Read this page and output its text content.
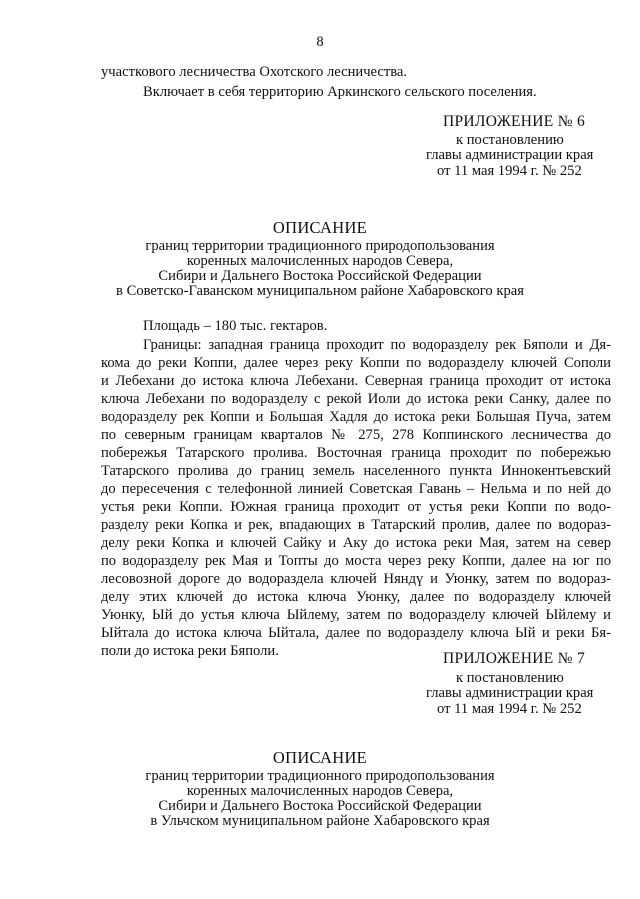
8
участкового лесничества Охотского лесничества.
Включает в себя территорию Аркинского сельского поселения.
ПРИЛОЖЕНИЕ № 6
к постановлению
главы администрации края
от 11 мая 1994 г. № 252
ОПИСАНИЕ
границ территории традиционного природопользования
коренных малочисленных народов Севера,
Сибири и Дальнего Востока Российской Федерации
в Советско-Гаванском муниципальном районе Хабаровского края
Площадь – 180 тыс. гектаров.
Границы: западная граница проходит по водоразделу рек Бяполи и Дя-
кома до реки Коппи, далее через реку Коппи по водоразделу ключей Сополи
и Лебехани до истока ключа Лебехани. Северная граница проходит от истока
ключа Лебехани по водоразделу с рекой Иоли до истока реки Санку, далее по
водоразделу рек Коппи и Большая Хадля до истока реки Большая Пуча, затем
по северным границам кварталов № 275, 278 Коппинского лесничества до
побережья Татарского пролива. Восточная граница проходит по побережью
Татарского пролива до границ земель населенного пункта Иннокентьевский
до пересечения с телефонной линией Советская Гавань – Нельма и по ней до
устья реки Коппи. Южная граница проходит от устья реки Коппи по водо-
разделу реки Копка и рек, впадающих в Татарский пролив, далее по водораз-
делу реки Копка и ключей Сайку и Аку до истока реки Мая, затем на север
по водоразделу рек Мая и Топты до моста через реку Коппи, далее на юг по
лесовозной дороге до водораздела ключей Няндү и Уюнку, затем по водораз-
делу этих ключей до истока ключа Уюнку, далее по водоразделу ключей
Уюнку, Ый до устья ключа Ыйлему, затем по водоразделу ключей Ыйлему и
Ыйтала до истока ключа Ыйтала, далее по водоразделу ключа Ый и реки Бя-
поли до истока реки Бяполи.	ПРИЛОЖЕНИЕ № 7
к постановлению
главы администрации края
от 11 мая 1994 г. № 252
ОПИСАНИЕ
границ территории традиционного природопользования
коренных малочисленных народов Севера,
Сибири и Дальнего Востока Российской Федерации
в Ульчском муниципальном районе Хабаровского края
